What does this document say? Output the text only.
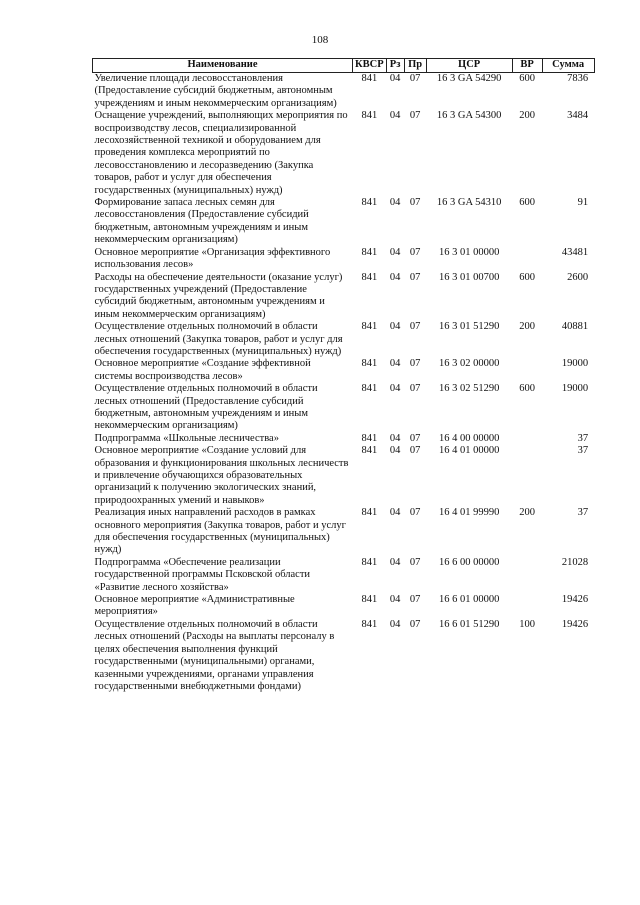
108
Наименование	КВСР	Рз	Пр	ЦСР	ВР	Сумма
Увеличение площади лесовосстановления (Предоставление субсидий бюджетным, автономным учреждениям и иным некоммерческим организациям)	841	04	07	16 3 GA 54290	600	7836
Оснащение учреждений, выполняющих мероприятия по воспроизводству лесов, специализированной лесохозяйственной техникой и оборудованием для проведения комплекса мероприятий по лесовосстановлению и лесоразведению (Закупка товаров, работ и услуг для обеспечения государственных (муниципальных) нужд)	841	04	07	16 3 GA 54300	200	3484
Формирование запаса лесных семян для лесовосстановления (Предоставление субсидий бюджетным, автономным учреждениям и иным некоммерческим организациям)	841	04	07	16 3 GA 54310	600	91
Основное мероприятие «Организация эффективного использования лесов»	841	04	07	16 3 01 00000		43481
Расходы на обеспечение деятельности (оказание услуг) государственных учреждений (Предоставление субсидий бюджетным, автономным учреждениям и иным некоммерческим организациям)	841	04	07	16 3 01 00700	600	2600
Осуществление отдельных полномочий в области лесных отношений (Закупка товаров, работ и услуг для обеспечения государственных (муниципальных) нужд)	841	04	07	16 3 01 51290	200	40881
Основное мероприятие «Создание эффективной системы воспроизводства лесов»	841	04	07	16 3 02 00000		19000
Осуществление отдельных полномочий в области лесных отношений (Предоставление субсидий бюджетным, автономным учреждениям и иным некоммерческим организациям)	841	04	07	16 3 02 51290	600	19000
Подпрограмма «Школьные лесничества»	841	04	07	16 4 00 00000		37
Основное мероприятие «Создание условий для образования и функционирования школьных лесничеств и привлечение обучающихся образовательных организаций к получению экологических знаний, природоохранных умений и навыков»	841	04	07	16 4 01 00000		37
Реализация иных направлений расходов в рамках основного мероприятия (Закупка товаров, работ и услуг для обеспечения государственных (муниципальных) нужд)	841	04	07	16 4 01 99990	200	37
Подпрограмма «Обеспечение реализации государственной программы Псковской области «Развитие лесного хозяйства»	841	04	07	16 6 00 00000		21028
Основное мероприятие «Административные мероприятия»	841	04	07	16 6 01 00000		19426
Осуществление отдельных полномочий в области лесных отношений (Расходы на выплаты персоналу в целях обеспечения выполнения функций государственными (муниципальными) органами, казенными учреждениями, органами управления государственными внебюджетными фондами)	841	04	07	16 6 01 51290	100	19426
